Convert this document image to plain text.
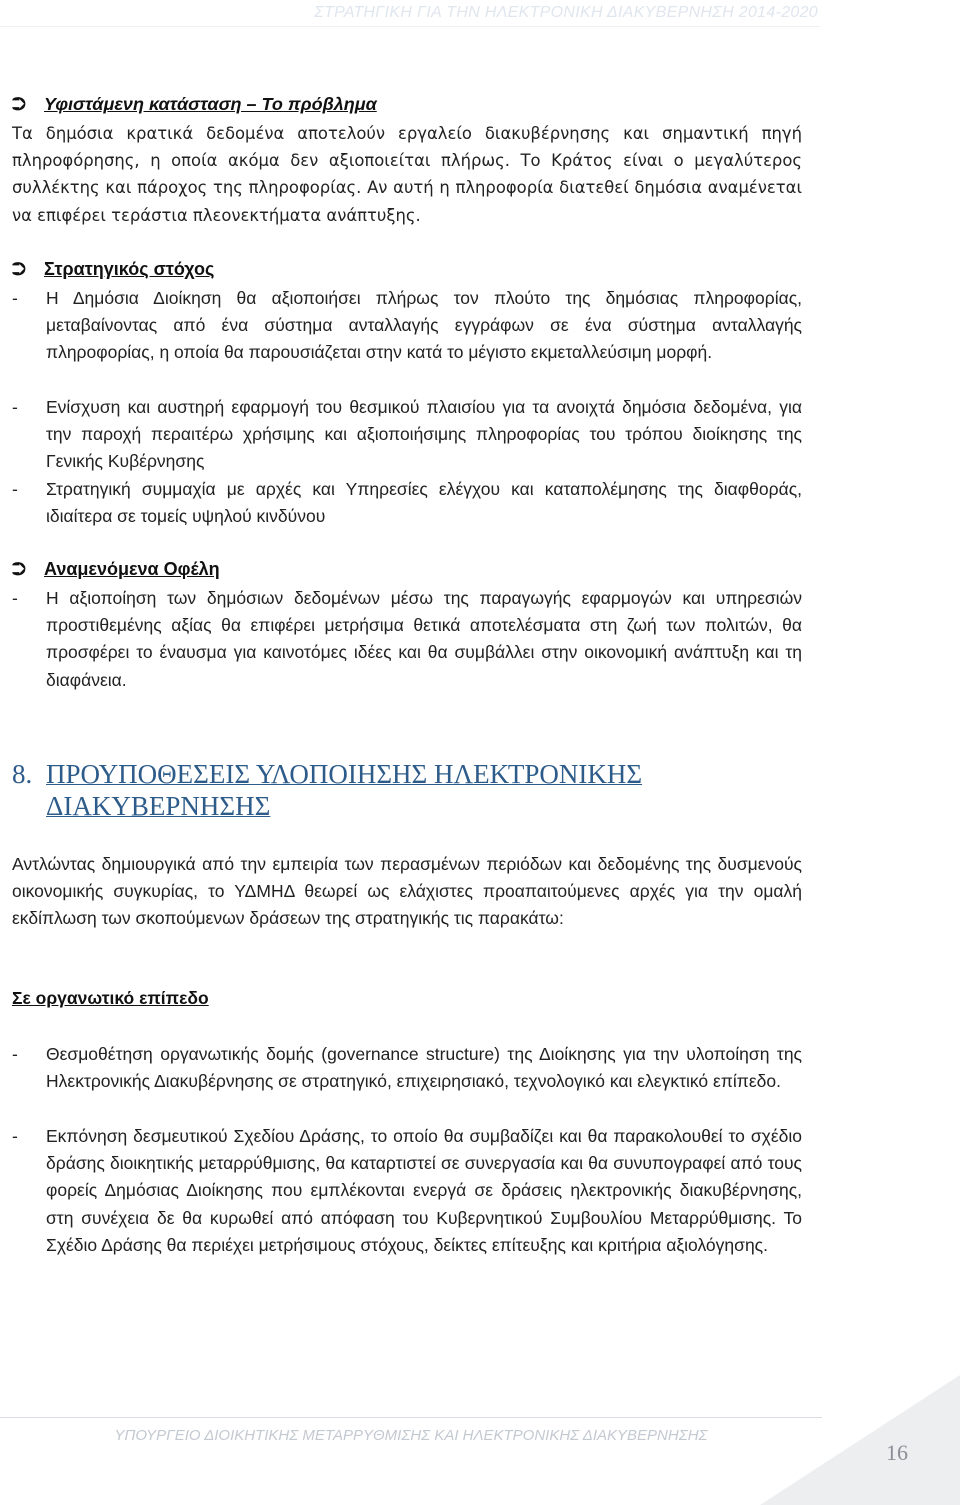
ΣΤΡΑΤΗΓΙΚΗ ΓΙΑ ΤΗΝ ΗΛΕΚΤΡΟΝΙΚΗ ΔΙΑΚΥΒΕΡΝΗΣΗ 2014-2020
⮊	Υφιστάμενη κατάσταση – Το πρόβλημα
Τα δημόσια κρατικά δεδομένα αποτελούν εργαλείο διακυβέρνησης και σημαντική πηγή πληροφόρησης, η οποία ακόμα δεν αξιοποιείται πλήρως. Το Κράτος είναι ο μεγαλύτερος συλλέκτης και πάροχος της πληροφορίας. Αν αυτή η πληροφορία διατεθεί δημόσια αναμένεται να επιφέρει τεράστια πλεονεκτήματα ανάπτυξης.
⮊	Στρατηγικός στόχος
-	Η Δημόσια Διοίκηση θα αξιοποιήσει πλήρως τον πλούτο της δημόσιας πληροφορίας, μεταβαίνοντας από ένα σύστημα ανταλλαγής εγγράφων σε ένα σύστημα ανταλλαγής πληροφορίας, η οποία θα παρουσιάζεται στην κατά το μέγιστο εκμεταλλεύσιμη μορφή.
-	Ενίσχυση και αυστηρή εφαρμογή του θεσμικού πλαισίου για τα ανοιχτά δημόσια δεδομένα, για την παροχή περαιτέρω χρήσιμης και αξιοποιήσιμης πληροφορίας του τρόπου διοίκησης της Γενικής Κυβέρνησης
-	Στρατηγική συμμαχία με αρχές και Υπηρεσίες ελέγχου και καταπολέμησης της διαφθοράς, ιδιαίτερα σε τομείς υψηλού κινδύνου
⮊	Αναμενόμενα Οφέλη
-	Η αξιοποίηση των δημόσιων δεδομένων μέσω της παραγωγής εφαρμογών και υπηρεσιών προστιθεμένης αξίας θα επιφέρει μετρήσιμα θετικά αποτελέσματα στη ζωή των πολιτών, θα προσφέρει το έναυσμα για καινοτόμες ιδέες και θα συμβάλλει στην οικονομική ανάπτυξη και τη διαφάνεια.
8. ΠΡΟΥΠΟΘΕΣΕΙΣ ΥΛΟΠΟΙΗΣΗΣ ΗΛΕΚΤΡΟΝΙΚΗΣ
ΔΙΑΚΥΒΕΡΝΗΣΗΣ
Αντλώντας δημιουργικά από την εμπειρία των περασμένων περιόδων και δεδομένης της δυσμενούς οικονομικής συγκυρίας, το ΥΔΜΗΔ θεωρεί ως ελάχιστες προαπαιτούμενες αρχές για την ομαλή εκδίπλωση των σκοπούμενων δράσεων της στρατηγικής τις παρακάτω:
Σε οργανωτικό επίπεδο
-	Θεσμοθέτηση οργανωτικής δομής (governance structure) της Διοίκησης για την υλοποίηση της Ηλεκτρονικής Διακυβέρνησης σε στρατηγικό, επιχειρησιακό, τεχνολογικό και ελεγκτικό επίπεδο.
-	Εκπόνηση δεσμευτικού Σχεδίου Δράσης, το οποίο θα συμβαδίζει και θα παρακολουθεί το σχέδιο δράσης διοικητικής μεταρρύθμισης, θα καταρτιστεί σε συνεργασία και θα συνυπογραφεί από τους φορείς Δημόσιας Διοίκησης που εμπλέκονται ενεργά σε δράσεις ηλεκτρονικής διακυβέρνησης, στη συνέχεια δε θα κυρωθεί από απόφαση του Κυβερνητικού Συμβουλίου Μεταρρύθμισης. Το Σχέδιο Δράσης θα περιέχει μετρήσιμους στόχους, δείκτες επίτευξης και κριτήρια αξιολόγησης.
ΥΠΟΥΡΓΕΙΟ ΔΙΟΙΚΗΤΙΚΗΣ ΜΕΤΑΡΡΥΘΜΙΣΗΣ ΚΑΙ ΗΛΕΚΤΡΟΝΙΚΗΣ ΔΙΑΚΥΒΕΡΝΗΣΗΣ
16
